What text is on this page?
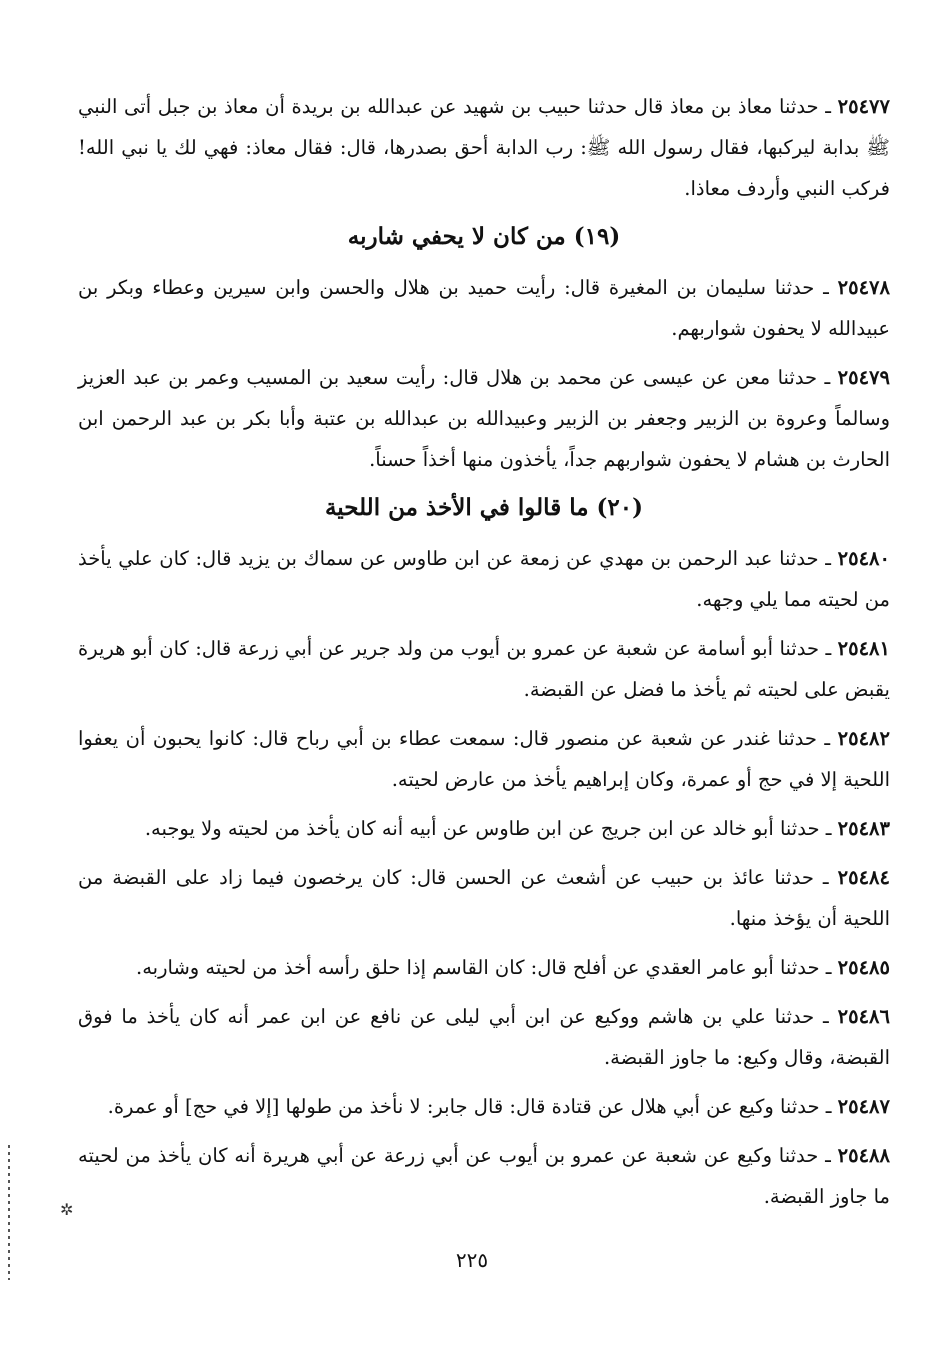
٢٥٤٧٧ ـ حدثنا معاذ بن معاذ قال حدثنا حبيب بن شهيد عن عبدالله بن بريدة أن معاذ بن جبل أتى النبي ﷺ بدابة ليركبها، فقال رسول الله ﷺ: رب الدابة أحق بصدرها، قال: فقال معاذ: فهي لك يا نبي الله! فركب النبي وأردف معاذا.

(١٩) من كان لا يحفي شاربه

٢٥٤٧٨ ـ حدثنا سليمان بن المغيرة قال: رأيت حميد بن هلال والحسن وابن سيرين وعطاء وبكر بن عبيدالله لا يحفون شواربهم.

٢٥٤٧٩ ـ حدثنا معن عن عيسى عن محمد بن هلال قال: رأيت سعيد بن المسيب وعمر بن عبد العزيز وسالماً وعروة بن الزبير وجعفر بن الزبير وعبيدالله بن عبدالله بن عتبة وأبا بكر بن عبد الرحمن ابن الحارث بن هشام لا يحفون شواربهم جداً، يأخذون منها أخذاً حسناً.

(٢٠) ما قالوا في الأخذ من اللحية

٢٥٤٨٠ ـ حدثنا عبد الرحمن بن مهدي عن زمعة عن ابن طاوس عن سماك بن يزيد قال: كان علي يأخذ من لحيته مما يلي وجهه.

٢٥٤٨١ ـ حدثنا أبو أسامة عن شعبة عن عمرو بن أيوب من ولد جرير عن أبي زرعة قال: كان أبو هريرة يقبض على لحيته ثم يأخذ ما فضل عن القبضة.

٢٥٤٨٢ ـ حدثنا غندر عن شعبة عن منصور قال: سمعت عطاء بن أبي رباح قال: كانوا يحبون أن يعفوا اللحية إلا في حج أو عمرة، وكان إبراهيم يأخذ من عارض لحيته.

٢٥٤٨٣ ـ حدثنا أبو خالد عن ابن جريج عن ابن طاوس عن أبيه أنه كان يأخذ من لحيته ولا يوجبه.

٢٥٤٨٤ ـ حدثنا عائذ بن حبيب عن أشعث عن الحسن قال: كان يرخصون فيما زاد على القبضة من اللحية أن يؤخذ منها.

٢٥٤٨٥ ـ حدثنا أبو عامر العقدي عن أفلح قال: كان القاسم إذا حلق رأسه أخذ من لحيته وشاربه.

٢٥٤٨٦ ـ حدثنا علي بن هاشم ووكيع عن ابن أبي ليلى عن نافع عن ابن عمر أنه كان يأخذ ما فوق القبضة، وقال وكيع: ما جاوز القبضة.

٢٥٤٨٧ ـ حدثنا وكيع عن أبي هلال عن قتادة قال: قال جابر: لا نأخذ من طولها [إلا في حج] أو عمرة.

٢٥٤٨٨ ـ حدثنا وكيع عن شعبة عن عمرو بن أيوب عن أبي زرعة عن أبي هريرة أنه كان يأخذ من لحيته ما جاوز القبضة.

٢٢٥
✲
